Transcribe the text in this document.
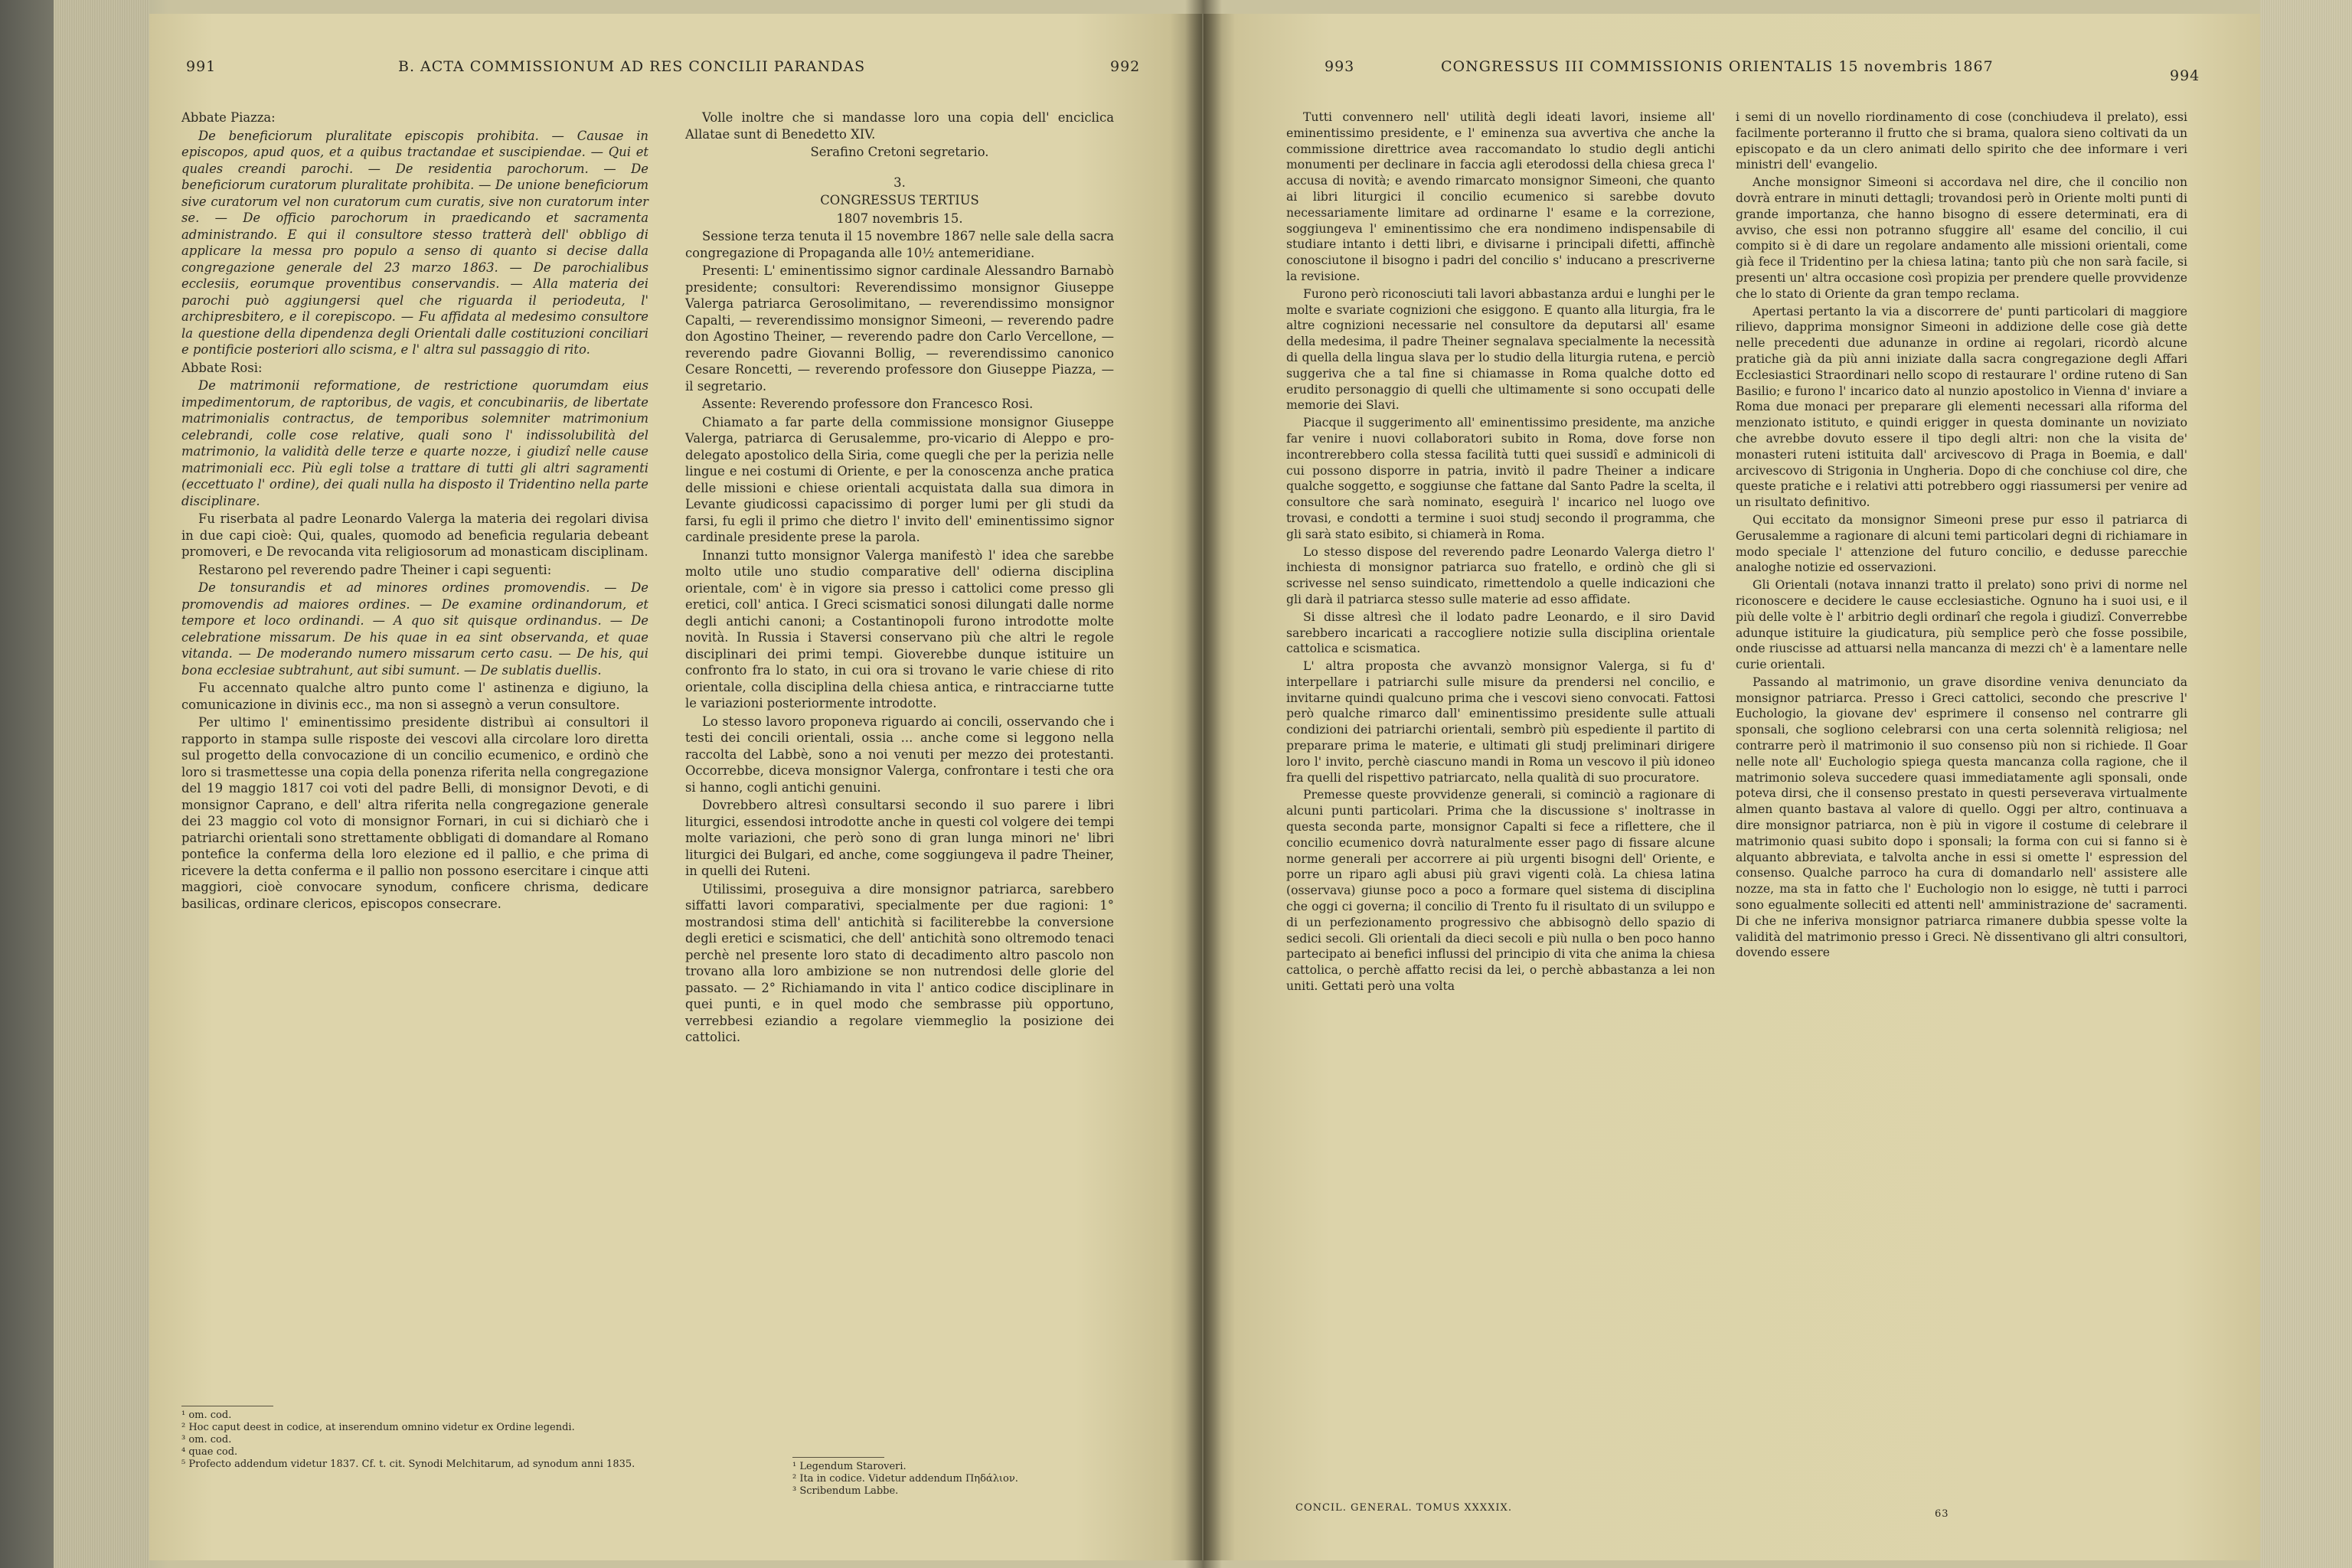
991	B. ACTA COMMISSIONUM AD RES CONCILII PARANDAS	992

Abbate Piazza:

De beneficiorum pluralitate episcopis prohibita. — Causae in episcopos, apud quos, et a quibus tractandae et suscipiendae. — Qui et quales creandi parochi. — De residentia parochorum. — De beneficiorum curatorum pluralitate prohibita. — De unione beneficiorum sive curatorum vel non curatorum cum curatis, sive non curatorum inter se. — De officio parochorum in praedicando et sacramenta administrando. E qui il consultore stesso tratterà dell' obbligo di applicare la messa pro populo a senso di quanto si decise dalla congregazione generale del 23 marzo 1863. — De parochialibus ecclesiis, eorumque proventibus conservandis. — Alla materia dei parochi può aggiungersi quel che riguarda il periodeuta, l' archipresbitero, e il corepiscopo. — Fu affidata al medesimo consultore la questione della dipendenza degli Orientali dalle costituzioni conciliari e pontificie posteriori allo scisma, e l' altra sul passaggio di rito.

Abbate Rosi:

De matrimonii reformatione, de restrictione quorumdam eius impedimentorum, de raptoribus, de vagis, et concubinariis, de libertate matrimonialis contractus, de temporibus solemniter matrimonium celebrandi, colle cose relative, quali sono l' indissolubilità del matrimonio, la validità delle terze e quarte nozze, i giudizî nelle cause matrimoniali ecc. Più egli tolse a trattare di tutti gli altri sagramenti (eccettuato l' ordine), dei quali nulla ha disposto il Tridentino nella parte disciplinare.

Fu riserbata al padre Leonardo Valerga la materia dei regolari divisa in due capi cioè: Qui, quales, quomodo ad beneficia regularia debeant promoveri, e De revocanda vita religiosorum ad monasticam disciplinam.

Restarono pel reverendo padre Theiner i capi seguenti:

De tonsurandis et ad minores ordines promovendis. — De promovendis ad maiores ordines. — De examine ordinandorum, et tempore et loco ordinandi. — A quo sit quisque ordinandus. — De celebratione missarum. De his quae in ea sint observanda, et quae vitanda. — De moderando numero missarum certo casu. — De his, qui bona ecclesiae subtrahunt, aut sibi sumunt. — De sublatis duellis.

Fu accennato qualche altro punto come l' astinenza e digiuno, la comunicazione in divinis ecc., ma non si assegnò a verun consultore.

Per ultimo l' eminentissimo presidente distribuì ai consultori il rapporto in stampa sulle risposte dei vescovi alla circolare loro diretta sul progetto della convocazione di un concilio ecumenico, e ordinò che loro si trasmettesse una copia della ponenza riferita nella congregazione del 19 maggio 1817 coi voti del padre Belli, di monsignor Devoti, e di monsignor Caprano, e dell' altra riferita nella congregazione generale dei 23 maggio col voto di monsignor Fornari, in cui si dichiarò che i patriarchi orientali sono strettamente obbligati di domandare al Romano pontefice la conferma della loro elezione ed il pallio, e che prima di ricevere la detta conferma e il pallio non possono esercitare i cinque atti maggiori, cioè convocare synodum, conficere chrisma, dedicare basilicas, ordinare clericos, episcopos consecrare.

¹ om. cod.

² Hoc caput deest in codice, at inserendum omnino videtur ex Ordine legendi.

³ om. cod.

⁴ quae cod.

⁵ Profecto addendum videtur 1837. Cf. t. cit. Synodi Melchitarum, ad synodum anni 1835.

Volle inoltre che si mandasse loro una copia dell' enciclica Allatae sunt di Benedetto XIV.

Serafino Cretoni segretario.

3.

CONGRESSUS TERTIUS

1807 novembris 15.

Sessione terza tenuta il 15 novembre 1867 nelle sale della sacra congregazione di Propaganda alle 10½ antemeridiane.

Presenti: L' eminentissimo signor cardinale Alessandro Barnabò presidente; consultori: Reverendissimo monsignor Giuseppe Valerga patriarca Gerosolimitano, — reverendissimo monsignor Capalti, — reverendissimo monsignor Simeoni, — reverendo padre don Agostino Theiner, — reverendo padre don Carlo Vercellone, — reverendo padre Giovanni Bollig, — reverendissimo canonico Cesare Roncetti, — reverendo professore don Giuseppe Piazza, — il segretario.

Assente: Reverendo professore don Francesco Rosi.

Chiamato a far parte della commissione monsignor Giuseppe Valerga, patriarca di Gerusalemme, pro-vicario di Aleppo e pro-delegato apostolico della Siria, come quegli che per la perizia nelle lingue e nei costumi di Oriente, e per la conoscenza anche pratica delle missioni e chiese orientali acquistata dalla sua dimora in Levante giudicossi capacissimo di porger lumi per gli studi da farsi, fu egli il primo che dietro l' invito dell' eminentissimo signor cardinale presidente prese la parola.

Innanzi tutto monsignor Valerga manifestò l' idea che sarebbe molto utile uno studio comparative dell' odierna disciplina orientale, com' è in vigore sia presso i cattolici come presso gli eretici, coll' antica. I Greci scismatici sonosi dilungati dalle norme degli antichi canoni; a Costantinopoli furono introdotte molte novità. In Russia i Staversi conservano più che altri le regole disciplinari dei primi tempi. Gioverebbe dunque istituire un confronto fra lo stato, in cui ora si trovano le varie chiese di rito orientale, colla disciplina della chiesa antica, e rintracciarne tutte le variazioni posteriormente introdotte.

Lo stesso lavoro proponeva riguardo ai concili, osservando che i testi dei concili orientali, ossia ... anche come si leggono nella raccolta del Labbè, sono a noi venuti per mezzo dei protestanti. Occorrebbe, diceva monsignor Valerga, confrontare i testi che ora si hanno, cogli antichi genuini.

Dovrebbero altresì consultarsi secondo il suo parere i libri liturgici, essendosi introdotte anche in questi col volgere dei tempi molte variazioni, che però sono di gran lunga minori ne' libri liturgici dei Bulgari, ed anche, come soggiungeva il padre Theiner, in quelli dei Ruteni.

Utilissimi, proseguiva a dire monsignor patriarca, sarebbero siffatti lavori comparativi, specialmente per due ragioni: 1° mostrandosi stima dell' antichità si faciliterebbe la conversione degli eretici e scismatici, che dell' antichità sono oltremodo tenaci perchè nel presente loro stato di decadimento altro pascolo non trovano alla loro ambizione se non nutrendosi delle glorie del passato. — 2° Richiamando in vita l' antico codice disciplinare in quei punti, e in quel modo che sembrasse più opportuno, verrebbesi eziandio a regolare viemmeglio la posizione dei cattolici.

¹ Legendum Staroveri.

² Ita in codice. Videtur addendum Πηδάλιον.

³ Scribendum Labbe.

993	CONGRESSUS III COMMISSIONIS ORIENTALIS 15 novembris 1867
994

Tutti convennero nell' utilità degli ideati lavori, insieme all' eminentissimo presidente, e l' eminenza sua avvertiva che anche la commissione direttrice avea raccomandato lo studio degli antichi monumenti per declinare in faccia agli eterodossi della chiesa greca l' accusa di novità; e avendo rimarcato monsignor Simeoni, che quanto ai libri liturgici il concilio ecumenico si sarebbe dovuto necessariamente limitare ad ordinarne l' esame e la correzione, soggiungeva l' eminentissimo che era nondimeno indispensabile di studiare intanto i detti libri, e divisarne i principali difetti, affinchè conosciutone il bisogno i padri del concilio s' inducano a prescriverne la revisione.

Furono però riconosciuti tali lavori abbastanza ardui e lunghi per le molte e svariate cognizioni che esiggono. E quanto alla liturgia, fra le altre cognizioni necessarie nel consultore da deputarsi all' esame della medesima, il padre Theiner segnalava specialmente la necessità di quella della lingua slava per lo studio della liturgia rutena, e perciò suggeriva che a tal fine si chiamasse in Roma qualche dotto ed erudito personaggio di quelli che ultimamente si sono occupati delle memorie dei Slavi.

Piacque il suggerimento all' eminentissimo presidente, ma anziche far venire i nuovi collaboratori subito in Roma, dove forse non incontrerebbero colla stessa facilità tutti quei sussidî e adminicoli di cui possono disporre in patria, invitò il padre Theiner a indicare qualche soggetto, e soggiunse che fattane dal Santo Padre la scelta, il consultore che sarà nominato, eseguirà l' incarico nel luogo ove trovasi, e condotti a termine i suoi studj secondo il programma, che gli sarà stato esibito, si chiamerà in Roma.

Lo stesso dispose del reverendo padre Leonardo Valerga dietro l' inchiesta di monsignor patriarca suo fratello, e ordinò che gli si scrivesse nel senso suindicato, rimettendolo a quelle indicazioni che gli darà il patriarca stesso sulle materie ad esso affidate.

Si disse altresì che il lodato padre Leonardo, e il siro David sarebbero incaricati a raccogliere notizie sulla disciplina orientale cattolica e scismatica.

L' altra proposta che avvanzò monsignor Valerga, si fu d' interpellare i patriarchi sulle misure da prendersi nel concilio, e invitarne quindi qualcuno prima che i vescovi sieno convocati. Fattosi però qualche rimarco dall' eminentissimo presidente sulle attuali condizioni dei patriarchi orientali, sembrò più espediente il partito di preparare prima le materie, e ultimati gli studj preliminari dirigere loro l' invito, perchè ciascuno mandi in Roma un vescovo il più idoneo fra quelli del rispettivo patriarcato, nella qualità di suo procuratore.

Premesse queste provvidenze generali, si cominciò a ragionare di alcuni punti particolari. Prima che la discussione s' inoltrasse in questa seconda parte, monsignor Capalti si fece a riflettere, che il concilio ecumenico dovrà naturalmente esser pago di fissare alcune norme generali per accorrere ai più urgenti bisogni dell' Oriente, e porre un riparo agli abusi più gravi vigenti colà. La chiesa latina (osservava) giunse poco a poco a formare quel sistema di disciplina che oggi ci governa; il concilio di Trento fu il risultato di un sviluppo e di un perfezionamento progressivo che abbisognò dello spazio di sedici secoli. Gli orientali da dieci secoli e più nulla o ben poco hanno partecipato ai benefici influssi del principio di vita che anima la chiesa cattolica, o perchè affatto recisi da lei, o perchè abbastanza a lei non uniti. Gettati però una volta

i semi di un novello riordinamento di cose (conchiudeva il prelato), essi facilmente porteranno il frutto che si brama, qualora sieno coltivati da un episcopato e da un clero animati dello spirito che dee informare i veri ministri dell' evangelio.

Anche monsignor Simeoni si accordava nel dire, che il concilio non dovrà entrare in minuti dettagli; trovandosi però in Oriente molti punti di grande importanza, che hanno bisogno di essere determinati, era di avviso, che essi non potranno sfuggire all' esame del concilio, il cui compito si è di dare un regolare andamento alle missioni orientali, come già fece il Tridentino per la chiesa latina; tanto più che non sarà facile, si presenti un' altra occasione così propizia per prendere quelle provvidenze che lo stato di Oriente da gran tempo reclama.

Apertasi pertanto la via a discorrere de' punti particolari di maggiore rilievo, dapprima monsignor Simeoni in addizione delle cose già dette nelle precedenti due adunanze in ordine ai regolari, ricordò alcune pratiche già da più anni iniziate dalla sacra congregazione degli Affari Ecclesiastici Straordinari nello scopo di restaurare l' ordine ruteno di San Basilio; e furono l' incarico dato al nunzio apostolico in Vienna d' inviare a Roma due monaci per preparare gli elementi necessari alla riforma del menzionato istituto, e quindi erigger in questa dominante un noviziato che avrebbe dovuto essere il tipo degli altri: non che la visita de' monasteri ruteni istituita dall' arcivescovo di Praga in Boemia, e dall' arcivescovo di Strigonia in Ungheria. Dopo di che conchiuse col dire, che queste pratiche e i relativi atti potrebbero oggi riassumersi per venire ad un risultato definitivo.

Qui eccitato da monsignor Simeoni prese pur esso il patriarca di Gerusalemme a ragionare di alcuni temi particolari degni di richiamare in modo speciale l' attenzione del futuro concilio, e dedusse parecchie analoghe notizie ed osservazioni.

Gli Orientali (notava innanzi tratto il prelato) sono privi di norme nel riconoscere e decidere le cause ecclesiastiche. Ognuno ha i suoi usi, e il più delle volte è l' arbitrio degli ordinarî che regola i giudizî. Converrebbe adunque istituire la giudicatura, più semplice però che fosse possibile, onde riuscisse ad attuarsi nella mancanza di mezzi ch' è a lamentare nelle curie orientali.

Passando al matrimonio, un grave disordine veniva denunciato da monsignor patriarca. Presso i Greci cattolici, secondo che prescrive l' Euchologio, la giovane dev' esprimere il consenso nel contrarre gli sponsali, che sogliono celebrarsi con una certa solennità religiosa; nel contrarre però il matrimonio il suo consenso più non si richiede. Il Goar nelle note all' Euchologio spiega questa mancanza colla ragione, che il matrimonio soleva succedere quasi immediatamente agli sponsali, onde poteva dirsi, che il consenso prestato in questi perseverava virtualmente almen quanto bastava al valore di quello. Oggi per altro, continuava a dire monsignor patriarca, non è più in vigore il costume di celebrare il matrimonio quasi subito dopo i sponsali; la forma con cui si fanno si è alquanto abbreviata, e talvolta anche in essi si omette l' espression del consenso. Qualche parroco ha cura di domandarlo nell' assistere alle nozze, ma sta in fatto che l' Euchologio non lo esigge, nè tutti i parroci sono egualmente solleciti ed attenti nell' amministrazione de' sacramenti. Di che ne inferiva monsignor patriarca rimanere dubbia spesse volte la validità del matrimonio presso i Greci. Nè dissentivano gli altri consultori, dovendo essere

CONCIL. GENERAL. TOMUS XXXXIX.
63
